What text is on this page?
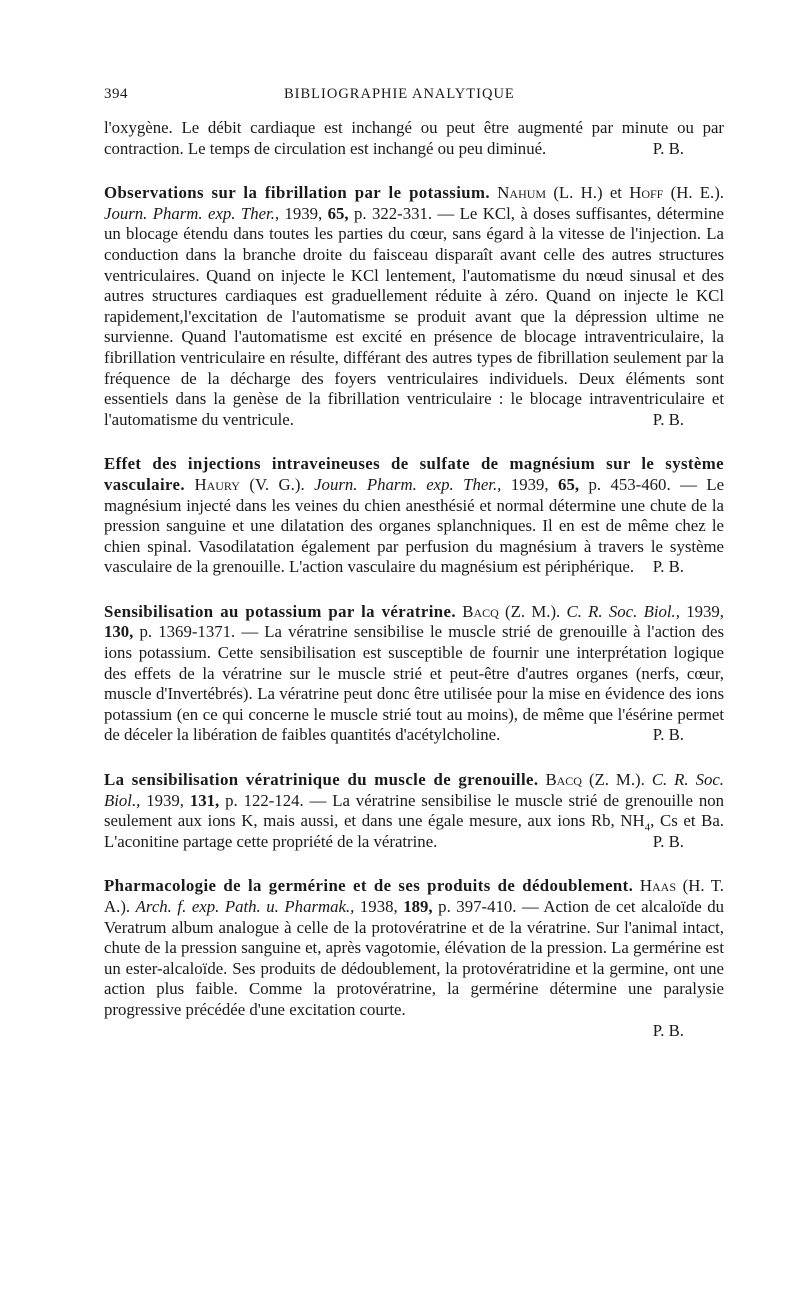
394	BIBLIOGRAPHIE ANALYTIQUE

l'oxygène. Le débit cardiaque est inchangé ou peut être augmenté par minute ou par contraction. Le temps de circulation est inchangé ou peu diminué.	P. B.

Observations sur la fibrillation par le potassium. Nahum (L. H.) et Hoff (H. E.). Journ. Pharm. exp. Ther., 1939, 65, p. 322-331. — Le KCl, à doses suffisantes, détermine un blocage étendu dans toutes les parties du cœur, sans égard à la vitesse de l'injection. La conduction dans la branche droite du faisceau disparaît avant celle des autres structures ventriculaires. Quand on injecte le KCl lentement, l'automatisme du nœud sinusal et des autres structures cardiaques est graduellement réduite à zéro. Quand on injecte le KCl rapidement,l'excitation de l'automatisme se produit avant que la dépression ultime ne survienne. Quand l'automatisme est excité en présence de blocage intraventriculaire, la fibrillation ventriculaire en résulte, différant des autres types de fibrillation seulement par la fréquence de la décharge des foyers ventriculaires individuels. Deux éléments sont essentiels dans la genèse de la fibrillation ventriculaire : le blocage intraventriculaire et l'automatisme du ventricule.	P. B.

Effet des injections intraveineuses de sulfate de magnésium sur le système vasculaire. Haury (V. G.). Journ. Pharm. exp. Ther., 1939, 65, p. 453-460. — Le magnésium injecté dans les veines du chien anesthésié et normal détermine une chute de la pression sanguine et une dilatation des organes splanchniques. Il en est de même chez le chien spinal. Vasodilatation également par perfusion du magnésium à travers le système vasculaire de la grenouille. L'action vasculaire du magnésium est périphérique. P. B.

Sensibilisation au potassium par la vératrine. Bacq (Z. M.). C. R. Soc. Biol., 1939, 130, p. 1369-1371. — La vératrine sensibilise le muscle strié de grenouille à l'action des ions potassium. Cette sensibilisation est susceptible de fournir une interprétation logique des effets de la vératrine sur le muscle strié et peut-être d'autres organes (nerfs, cœur, muscle d'Invertébrés). La vératrine peut donc être utilisée pour la mise en évidence des ions potassium (en ce qui concerne le muscle strié tout au moins), de même que l'ésérine permet de déceler la libération de faibles quantités d'acétylcholine.	P. B.

La sensibilisation vératrinique du muscle de grenouille. Bacq (Z. M.). C. R. Soc. Biol., 1939, 131, p. 122-124. — La vératrine sensibilise le muscle strié de grenouille non seulement aux ions K, mais aussi, et dans une égale mesure, aux ions Rb, $NH_4$, Cs et Ba. L'aconitine partage cette propriété de la vératrine.	P. B.

Pharmacologie de la germérine et de ses produits de dédoublement. Haas (H. T. A.). Arch. f. exp. Path. u. Pharmak., 1938, 189, p. 397-410. — Action de cet alcaloïde du Veratrum album analogue à celle de la protovératrine et de la vératrine. Sur l'animal intact, chute de la pression sanguine et, après vagotomie, élévation de la pression. La germérine est un ester-alcaloïde. Ses produits de dédoublement, la protovératridine et la germine, ont une action plus faible. Comme la protovératrine, la germérine détermine une paralysie progressive précédée d'une excitation courte.
P. B.
